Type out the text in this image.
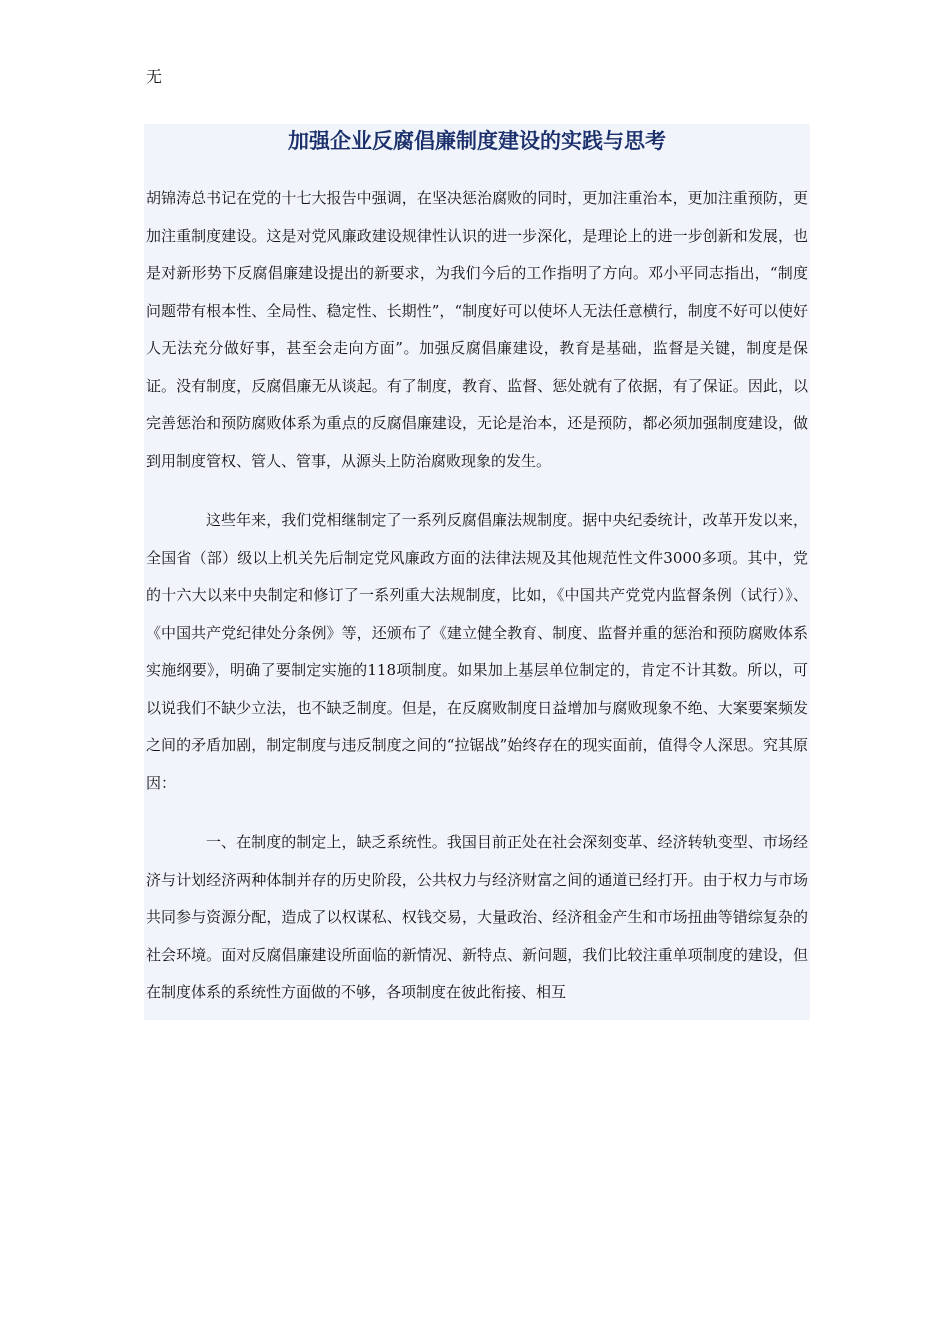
无
加强企业反腐倡廉制度建设的实践与思考

胡锦涛总书记在党的十七大报告中强调，在坚决惩治腐败的同时，更加注重治本，更加注重预防，更加注重制度建设。这是对党风廉政建设规律性认识的进一步深化，是理论上的进一步创新和发展，也是对新形势下反腐倡廉建设提出的新要求，为我们今后的工作指明了方向。邓小平同志指出，“制度问题带有根本性、全局性、稳定性、长期性”，“制度好可以使坏人无法任意横行，制度不好可以使好人无法充分做好事，甚至会走向方面”。加强反腐倡廉建设，教育是基础，监督是关键，制度是保证。没有制度，反腐倡廉无从谈起。有了制度，教育、监督、惩处就有了依据，有了保证。因此，以完善惩治和预防腐败体系为重点的反腐倡廉建设，无论是治本，还是预防，都必须加强制度建设，做到用制度管权、管人、管事，从源头上防治腐败现象的发生。

这些年来，我们党相继制定了一系列反腐倡廉法规制度。据中央纪委统计，改革开发以来，全国省（部）级以上机关先后制定党风廉政方面的法律法规及其他规范性文件3000多项。其中，党的十六大以来中央制定和修订了一系列重大法规制度，比如，《中国共产党党内监督条例（试行）》、《中国共产党纪律处分条例》等，还颁布了《建立健全教育、制度、监督并重的惩治和预防腐败体系实施纲要》，明确了要制定实施的118项制度。如果加上基层单位制定的，肯定不计其数。所以，可以说我们不缺少立法，也不缺乏制度。但是，在反腐败制度日益增加与腐败现象不绝、大案要案频发之间的矛盾加剧，制定制度与违反制度之间的“拉锯战”始终存在的现实面前，值得令人深思。究其原因：

一、在制度的制定上，缺乏系统性。我国目前正处在社会深刻变革、经济转轨变型、市场经济与计划经济两种体制并存的历史阶段，公共权力与经济财富之间的通道已经打开。由于权力与市场共同参与资源分配，造成了以权谋私、权钱交易，大量政治、经济租金产生和市场扭曲等错综复杂的社会环境。面对反腐倡廉建设所面临的新情况、新特点、新问题，我们比较注重单项制度的建设，但在制度体系的系统性方面做的不够，各项制度在彼此衔接、相互
